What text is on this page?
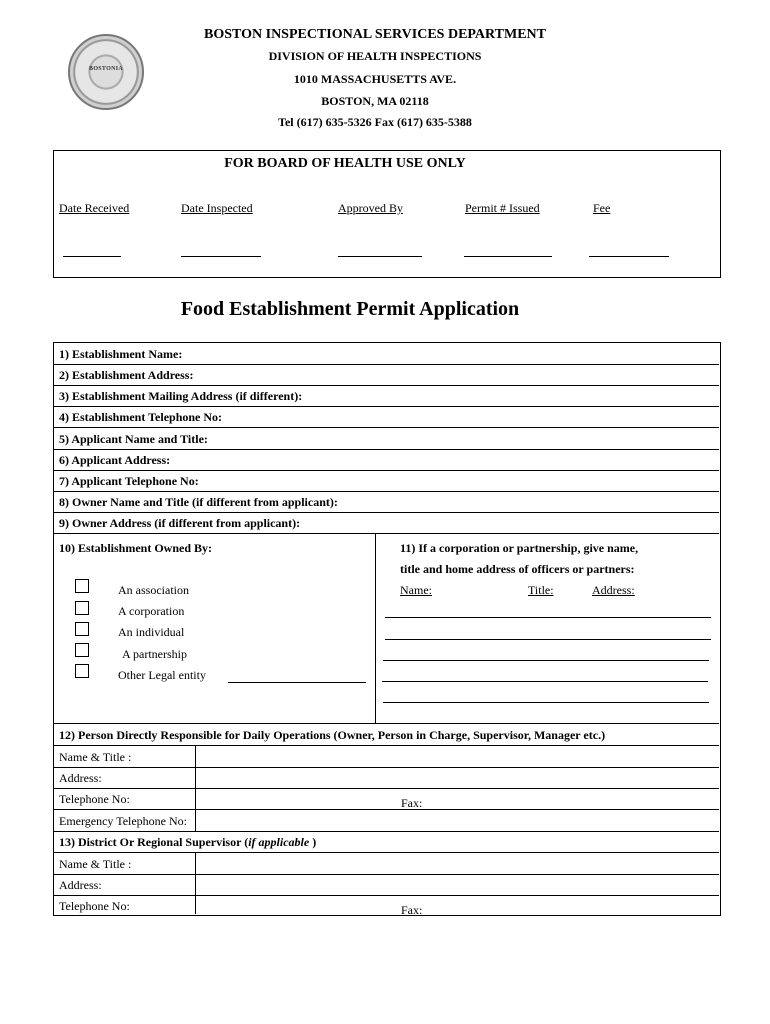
BOSTONIA
BOSTON INSPECTIONAL SERVICES DEPARTMENT
DIVISION OF HEALTH INSPECTIONS
1010 MASSACHUSETTS AVE.
BOSTON, MA 02118
Tel (617) 635-5326 Fax (617) 635-5388
FOR BOARD OF HEALTH USE ONLY
Date Received	Date Inspected	Approved By	Permit # Issued	Fee
Food Establishment Permit Application
1) Establishment Name:
2) Establishment Address:
3) Establishment Mailing Address (if different):
4) Establishment Telephone No:
5) Applicant Name and Title:
6) Applicant Address:
7) Applicant Telephone No:
8) Owner Name and Title (if different from applicant):
9) Owner Address (if different from applicant):
10) Establishment Owned By:
An association
A corporation
An individual
A partnership
Other Legal entity
11) If a corporation or partnership, give name,
title and home address of officers or partners:
Name:	Title:	Address:
12) Person Directly Responsible for Daily Operations (Owner, Person in Charge, Supervisor, Manager etc.)
Name & Title :
Address:
Telephone No:	Fax:
Emergency Telephone No:
13) District Or Regional Supervisor (if applicable )
Name & Title :
Address:
Telephone No:	Fax:
